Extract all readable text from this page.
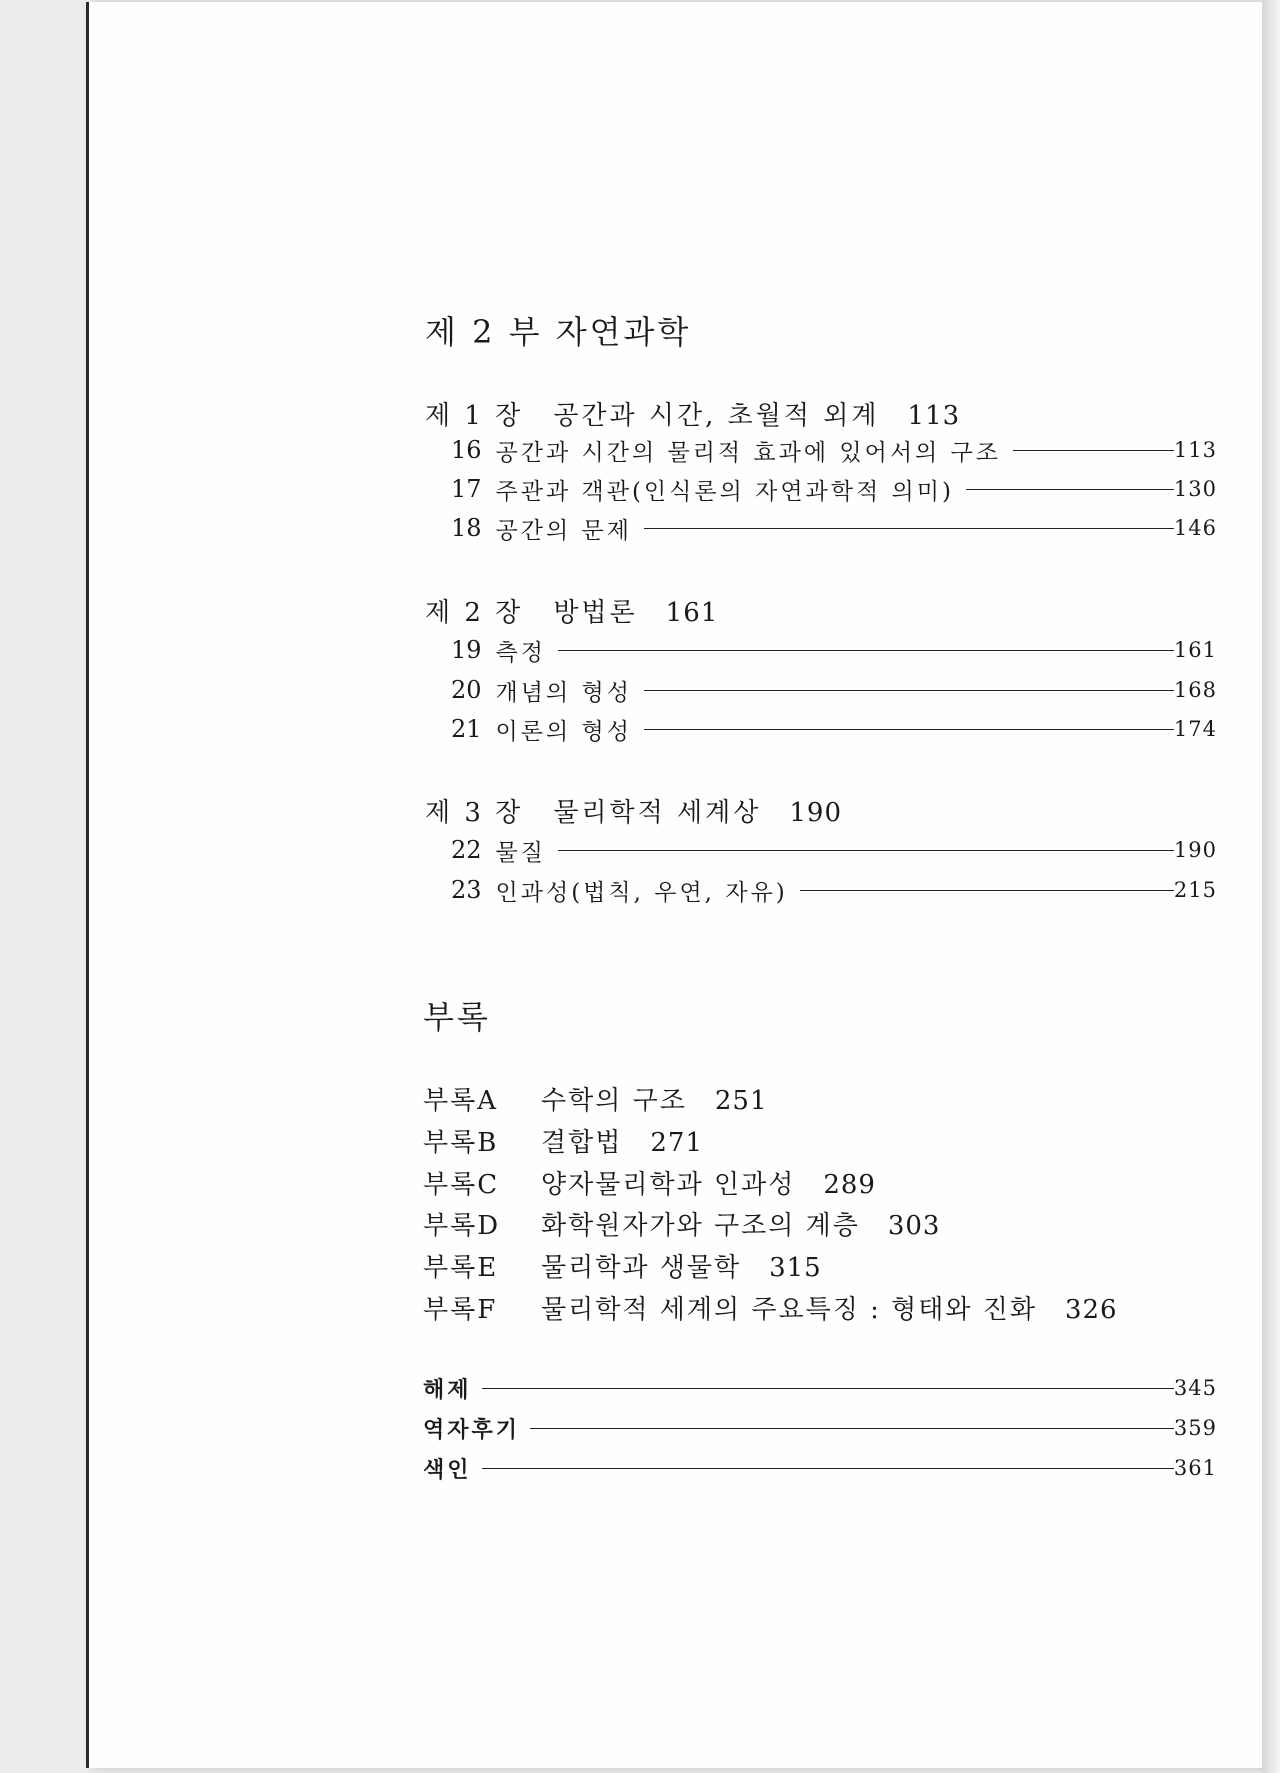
제 2 부 자연과학
제 1 장 공간과 시간, 초월적 외계 113
16 공간과 시간의 물리적 효과에 있어서의 구조	113
17 주관과 객관(인식론의 자연과학적 의미)	130
18 공간의 문제	146
제 2 장 방법론 161
19 측정	161
20 개념의 형성	168
21 이론의 형성	174
제 3 장 물리학적 세계상 190
22 물질	190
23 인과성(법칙, 우연, 자유)	215
부록
부록A 수학의 구조 251
부록B 결합법 271
부록C 양자물리학과 인과성 289
부록D 화학원자가와 구조의 계층 303
부록E 물리학과 생물학 315
부록F 물리학적 세계의 주요특징 : 형태와 진화 326
해제	345
역자후기	359
색인	361
